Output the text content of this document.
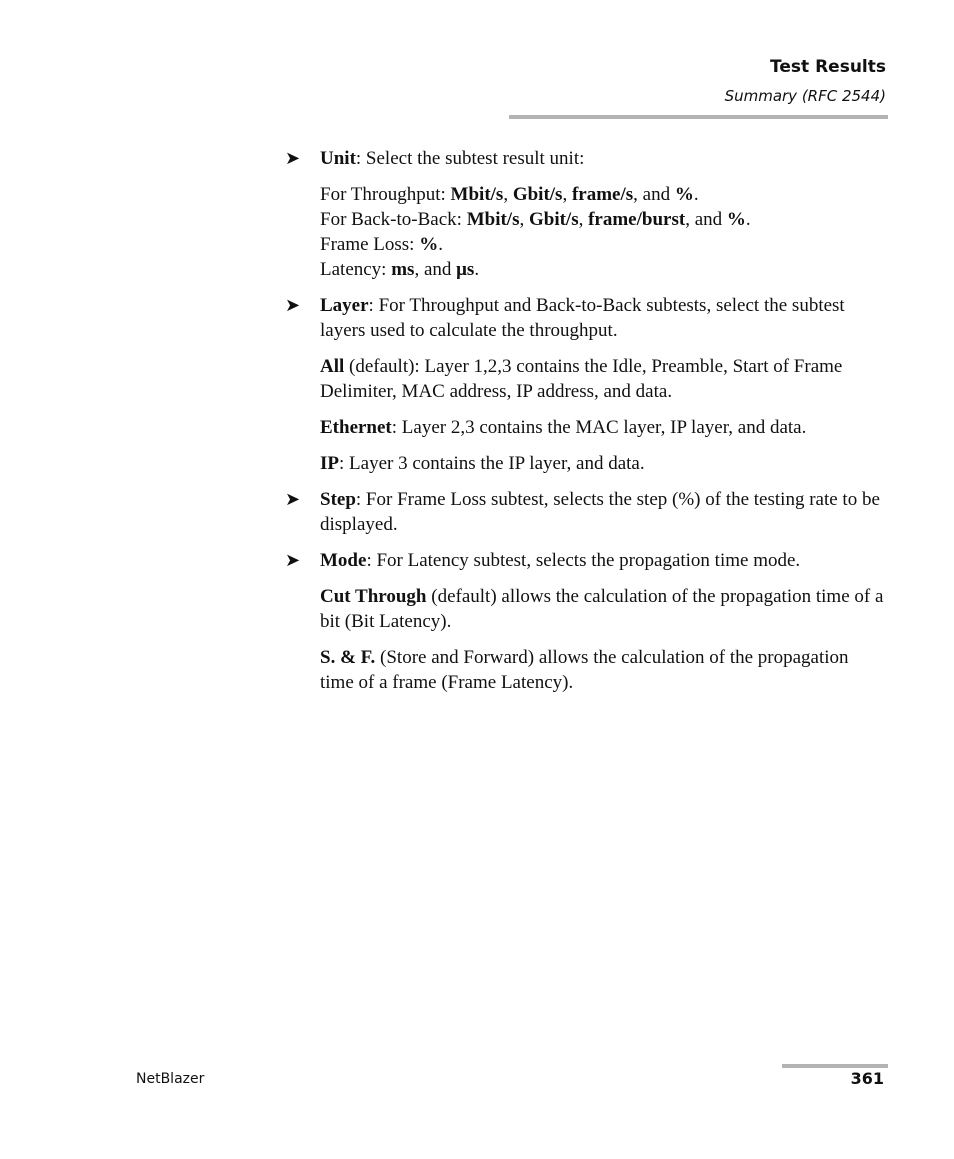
Test Results
Summary (RFC 2544)
➤ Unit: Select the subtest result unit:
For Throughput: Mbit/s, Gbit/s, frame/s, and %.
For Back-to-Back: Mbit/s, Gbit/s, frame/burst, and %.
Frame Loss: %.
Latency: ms, and μs.
➤ Layer: For Throughput and Back-to-Back subtests, select the subtest layers used to calculate the throughput.
All (default): Layer 1,2,3 contains the Idle, Preamble, Start of Frame Delimiter, MAC address, IP address, and data.
Ethernet: Layer 2,3 contains the MAC layer, IP layer, and data.
IP: Layer 3 contains the IP layer, and data.
➤ Step: For Frame Loss subtest, selects the step (%) of the testing rate to be displayed.
➤ Mode: For Latency subtest, selects the propagation time mode.
Cut Through (default) allows the calculation of the propagation time of a bit (Bit Latency).
S. & F. (Store and Forward) allows the calculation of the propagation time of a frame (Frame Latency).
NetBlazer	361
